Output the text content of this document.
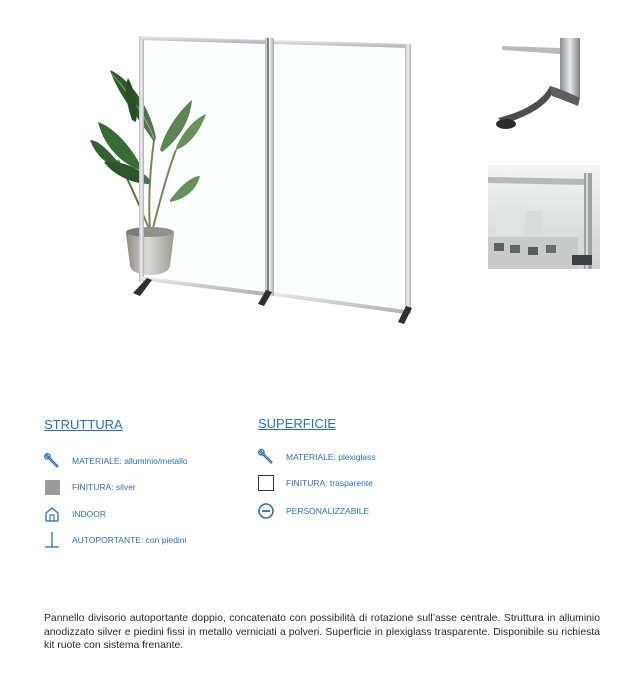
STRUTTURA	SUPERFICIE
MATERIALE: alluminio/metallo
FINITURA: silver
INDOOR
AUTOPORTANTE: con piedini
MATERIALE: plexiglass
FINITURA: trasparente
PERSONALIZZABILE

Pannello divisorio autoportante doppio, concatenato con possibilità di rotazione sull’asse centrale. Struttura in alluminio anodizzato silver e piedini fissi in metallo verniciati a polveri. Superficie in plexiglass trasparente. Disponibile su richiesta kit ruote con sistema frenante.
